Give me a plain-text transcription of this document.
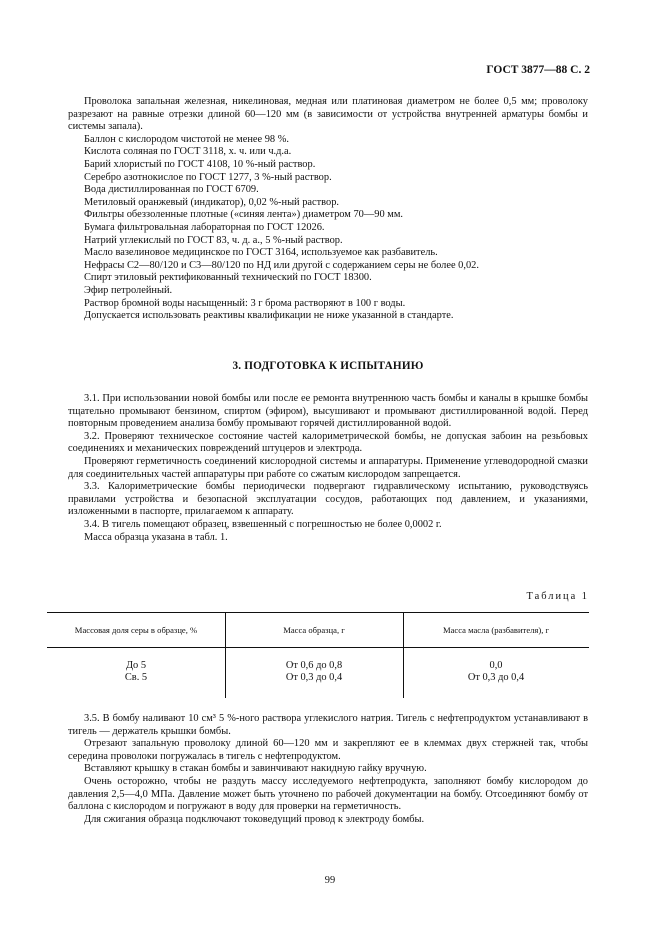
ГОСТ 3877—88 С. 2

Проволока запальная железная, никелиновая, медная или платиновая диаметром не более 0,5 мм; проволоку разрезают на равные отрезки длиной 60—120 мм (в зависимости от устройства внутренней арматуры бомбы и системы запала).

Баллон с кислородом чистотой не менее 98 %.

Кислота соляная по ГОСТ 3118, х. ч. или ч.д.а.

Барий хлористый по ГОСТ 4108, 10 %-ный раствор.

Серебро азотнокислое по ГОСТ 1277, 3 %-ный раствор.

Вода дистиллированная по ГОСТ 6709.

Метиловый оранжевый (индикатор), 0,02 %-ный раствор.

Фильтры обеззоленные плотные («синяя лента») диаметром 70—90 мм.

Бумага фильтровальная лабораторная по ГОСТ 12026.

Натрий углекислый по ГОСТ 83, ч. д. а., 5 %-ный раствор.

Масло вазелиновое медицинское по ГОСТ 3164, используемое как разбавитель.

Нефрасы С2—80/120 и С3—80/120 по НД или другой с содержанием серы не более 0,02.

Спирт этиловый ректификованный технический по ГОСТ 18300.

Эфир петролейный.

Раствор бромной воды насыщенный: 3 г брома растворяют в 100 г воды.

Допускается использовать реактивы квалификации не ниже указанной в стандарте.

3. ПОДГОТОВКА К ИСПЫТАНИЮ

3.1. При использовании новой бомбы или после ее ремонта внутреннюю часть бомбы и каналы в крышке бомбы тщательно промывают бензином, спиртом (эфиром), высушивают и промывают дистиллированной водой. Перед повторным проведением анализа бомбу промывают горячей дистиллированной водой.

3.2. Проверяют техническое состояние частей калориметрической бомбы, не допуская забоин на резьбовых соединениях и механических повреждений штуцеров и электрода.

Проверяют герметичность соединений кислородной системы и аппаратуры. Применение углеводородной смазки для соединительных частей аппаратуры при работе со сжатым кислородом запрещается.

3.3. Калориметрические бомбы периодически подвергают гидравлическому испытанию, руководствуясь правилами устройства и безопасной эксплуатации сосудов, работающих под давлением, и указаниями, изложенными в паспорте, прилагаемом к аппарату.

3.4. В тигель помещают образец, взвешенный с погрешностью не более 0,0002 г.

Масса образца указана в табл. 1.

Таблица 1
Массовая доля серы в образце, %	Масса образца, г	Масса масла (разбавителя), г
До 5
Св. 5
От 0,6 до 0,8
От 0,3 до 0,4
0,0
От 0,3 до 0,4

3.5. В бомбу наливают 10 см³ 5 %-ного раствора углекислого натрия. Тигель с нефтепродуктом устанавливают в тигель — держатель крышки бомбы.

Отрезают запальную проволоку длиной 60—120 мм и закрепляют ее в клеммах двух стержней так, чтобы середина проволоки погружалась в тигель с нефтепродуктом.

Вставляют крышку в стакан бомбы и завинчивают накидную гайку вручную.

Очень осторожно, чтобы не раздуть массу исследуемого нефтепродукта, заполняют бомбу кислородом до давления 2,5—4,0 МПа. Давление может быть уточнено по рабочей документации на бомбу. Отсоединяют бомбу от баллона с кислородом и погружают в воду для проверки на герметичность.

Для сжигания образца подключают токоведущий провод к электроду бомбы.

99
